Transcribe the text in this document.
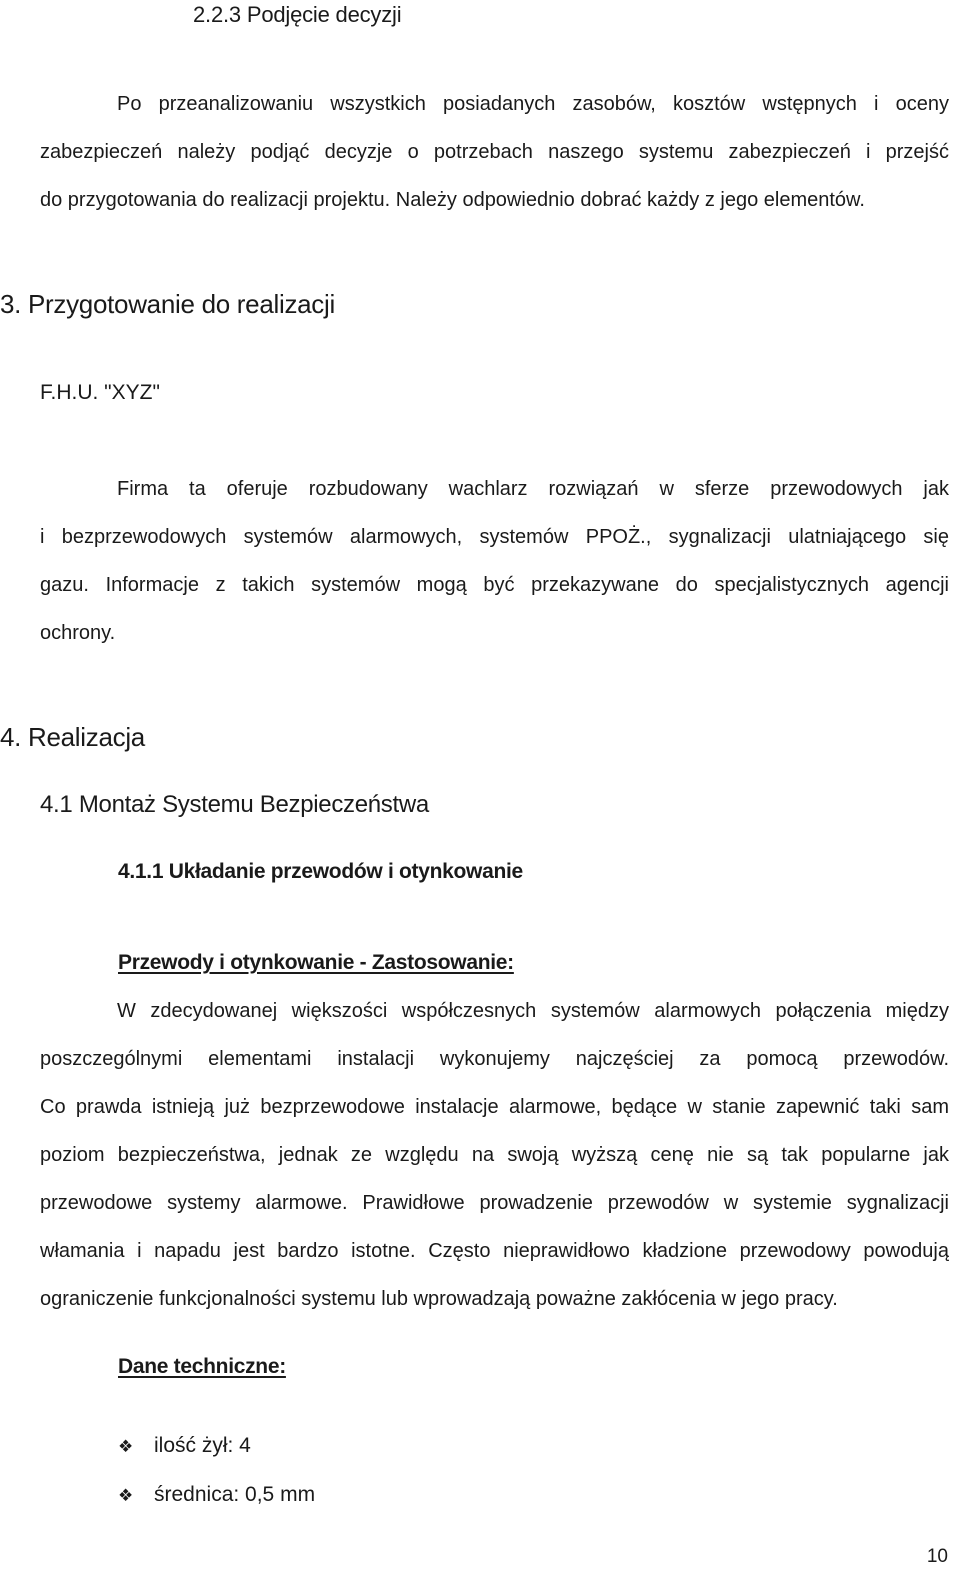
2.2.3 Podjęcie decyzji
Po przeanalizowaniu wszystkich posiadanych zasobów, kosztów wstępnych i oceny
zabezpieczeń należy podjąć decyzje o potrzebach naszego systemu zabezpieczeń i przejść
do przygotowania do realizacji projektu. Należy odpowiednio dobrać każdy z jego elementów.
3. Przygotowanie do realizacji
F.H.U. "XYZ"
Firma ta oferuje rozbudowany wachlarz rozwiązań w sferze przewodowych jak
i bezprzewodowych systemów alarmowych, systemów PPOŻ., sygnalizacji ulatniającego się
gazu. Informacje z takich systemów mogą być przekazywane do specjalistycznych agencji
ochrony.
4. Realizacja
4.1 Montaż Systemu Bezpieczeństwa
4.1.1 Układanie przewodów i otynkowanie
Przewody i otynkowanie - Zastosowanie:
W zdecydowanej większości współczesnych systemów alarmowych połączenia między
poszczególnymi elementami instalacji wykonujemy najczęściej za pomocą przewodów.
Co prawda istnieją już bezprzewodowe instalacje alarmowe, będące w stanie zapewnić taki sam
poziom bezpieczeństwa, jednak ze względu na swoją wyższą cenę nie są tak popularne jak
przewodowe systemy alarmowe. Prawidłowe prowadzenie przewodów w systemie sygnalizacji
włamania i napadu jest bardzo istotne. Często nieprawidłowo kładzione przewodowy powodują
ograniczenie funkcjonalności systemu lub wprowadzają poważne zakłócenia w jego pracy.
Dane techniczne:
❖ ilość żył: 4
❖ średnica: 0,5 mm
10
